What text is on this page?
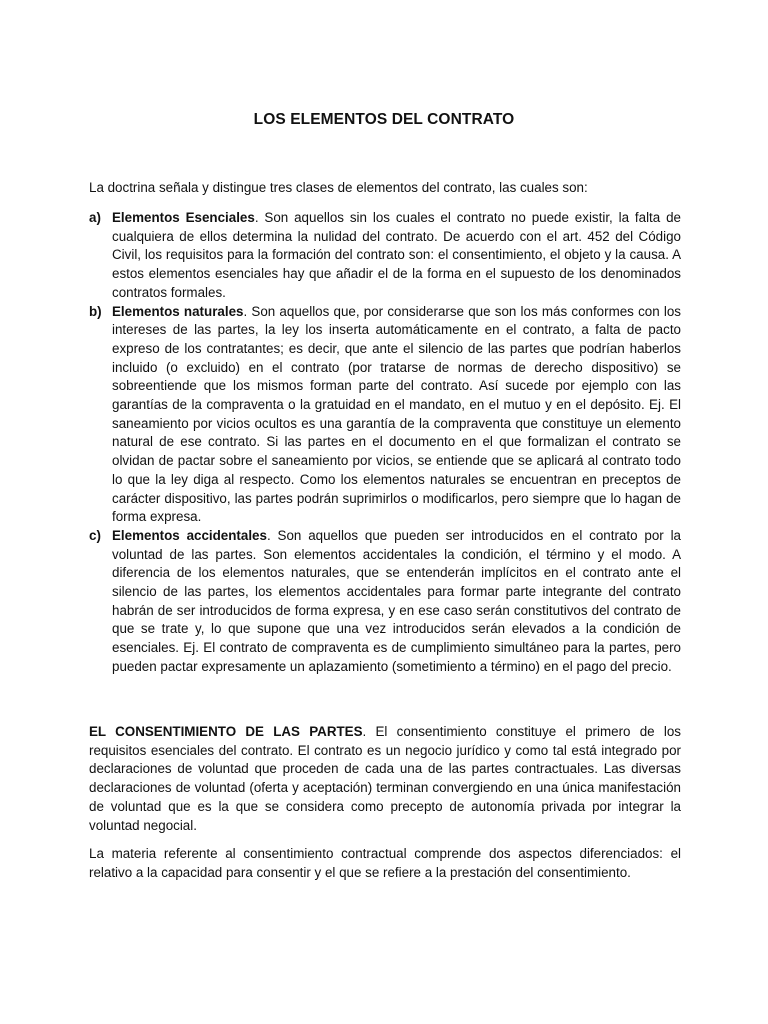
LOS ELEMENTOS DEL CONTRATO
La doctrina señala y distingue tres clases de elementos del contrato, las cuales son:
a) Elementos Esenciales. Son aquellos sin los cuales el contrato no puede existir, la falta de cualquiera de ellos determina la nulidad del contrato. De acuerdo con el art. 452 del Código Civil, los requisitos para la formación del contrato son: el consentimiento, el objeto y la causa. A estos elementos esenciales hay que añadir el de la forma en el supuesto de los denominados contratos formales.
b) Elementos naturales. Son aquellos que, por considerarse que son los más conformes con los intereses de las partes, la ley los inserta automáticamente en el contrato, a falta de pacto expreso de los contratantes; es decir, que ante el silencio de las partes que podrían haberlos incluido (o excluido) en el contrato (por tratarse de normas de derecho dispositivo) se sobreentiende que los mismos forman parte del contrato. Así sucede por ejemplo con las garantías de la compraventa o la gratuidad en el mandato, en el mutuo y en el depósito. Ej. El saneamiento por vicios ocultos es una garantía de la compraventa que constituye un elemento natural de ese contrato. Si las partes en el documento en el que formalizan el contrato se olvidan de pactar sobre el saneamiento por vicios, se entiende que se aplicará al contrato todo lo que la ley diga al respecto. Como los elementos naturales se encuentran en preceptos de carácter dispositivo, las partes podrán suprimirlos o modificarlos, pero siempre que lo hagan de forma expresa.
c) Elementos accidentales. Son aquellos que pueden ser introducidos en el contrato por la voluntad de las partes. Son elementos accidentales la condición, el término y el modo. A diferencia de los elementos naturales, que se entenderán implícitos en el contrato ante el silencio de las partes, los elementos accidentales para formar parte integrante del contrato habrán de ser introducidos de forma expresa, y en ese caso serán constitutivos del contrato de que se trate y, lo que supone que una vez introducidos serán elevados a la condición de esenciales. Ej. El contrato de compraventa es de cumplimiento simultáneo para la partes, pero pueden pactar expresamente un aplazamiento (sometimiento a término) en el pago del precio.
EL CONSENTIMIENTO DE LAS PARTES. El consentimiento constituye el primero de los requisitos esenciales del contrato. El contrato es un negocio jurídico y como tal está integrado por declaraciones de voluntad que proceden de cada una de las partes contractuales. Las diversas declaraciones de voluntad (oferta y aceptación) terminan convergiendo en una única manifestación de voluntad que es la que se considera como precepto de autonomía privada por integrar la voluntad negocial.
La materia referente al consentimiento contractual comprende dos aspectos diferenciados: el relativo a la capacidad para consentir y el que se refiere a la prestación del consentimiento.
